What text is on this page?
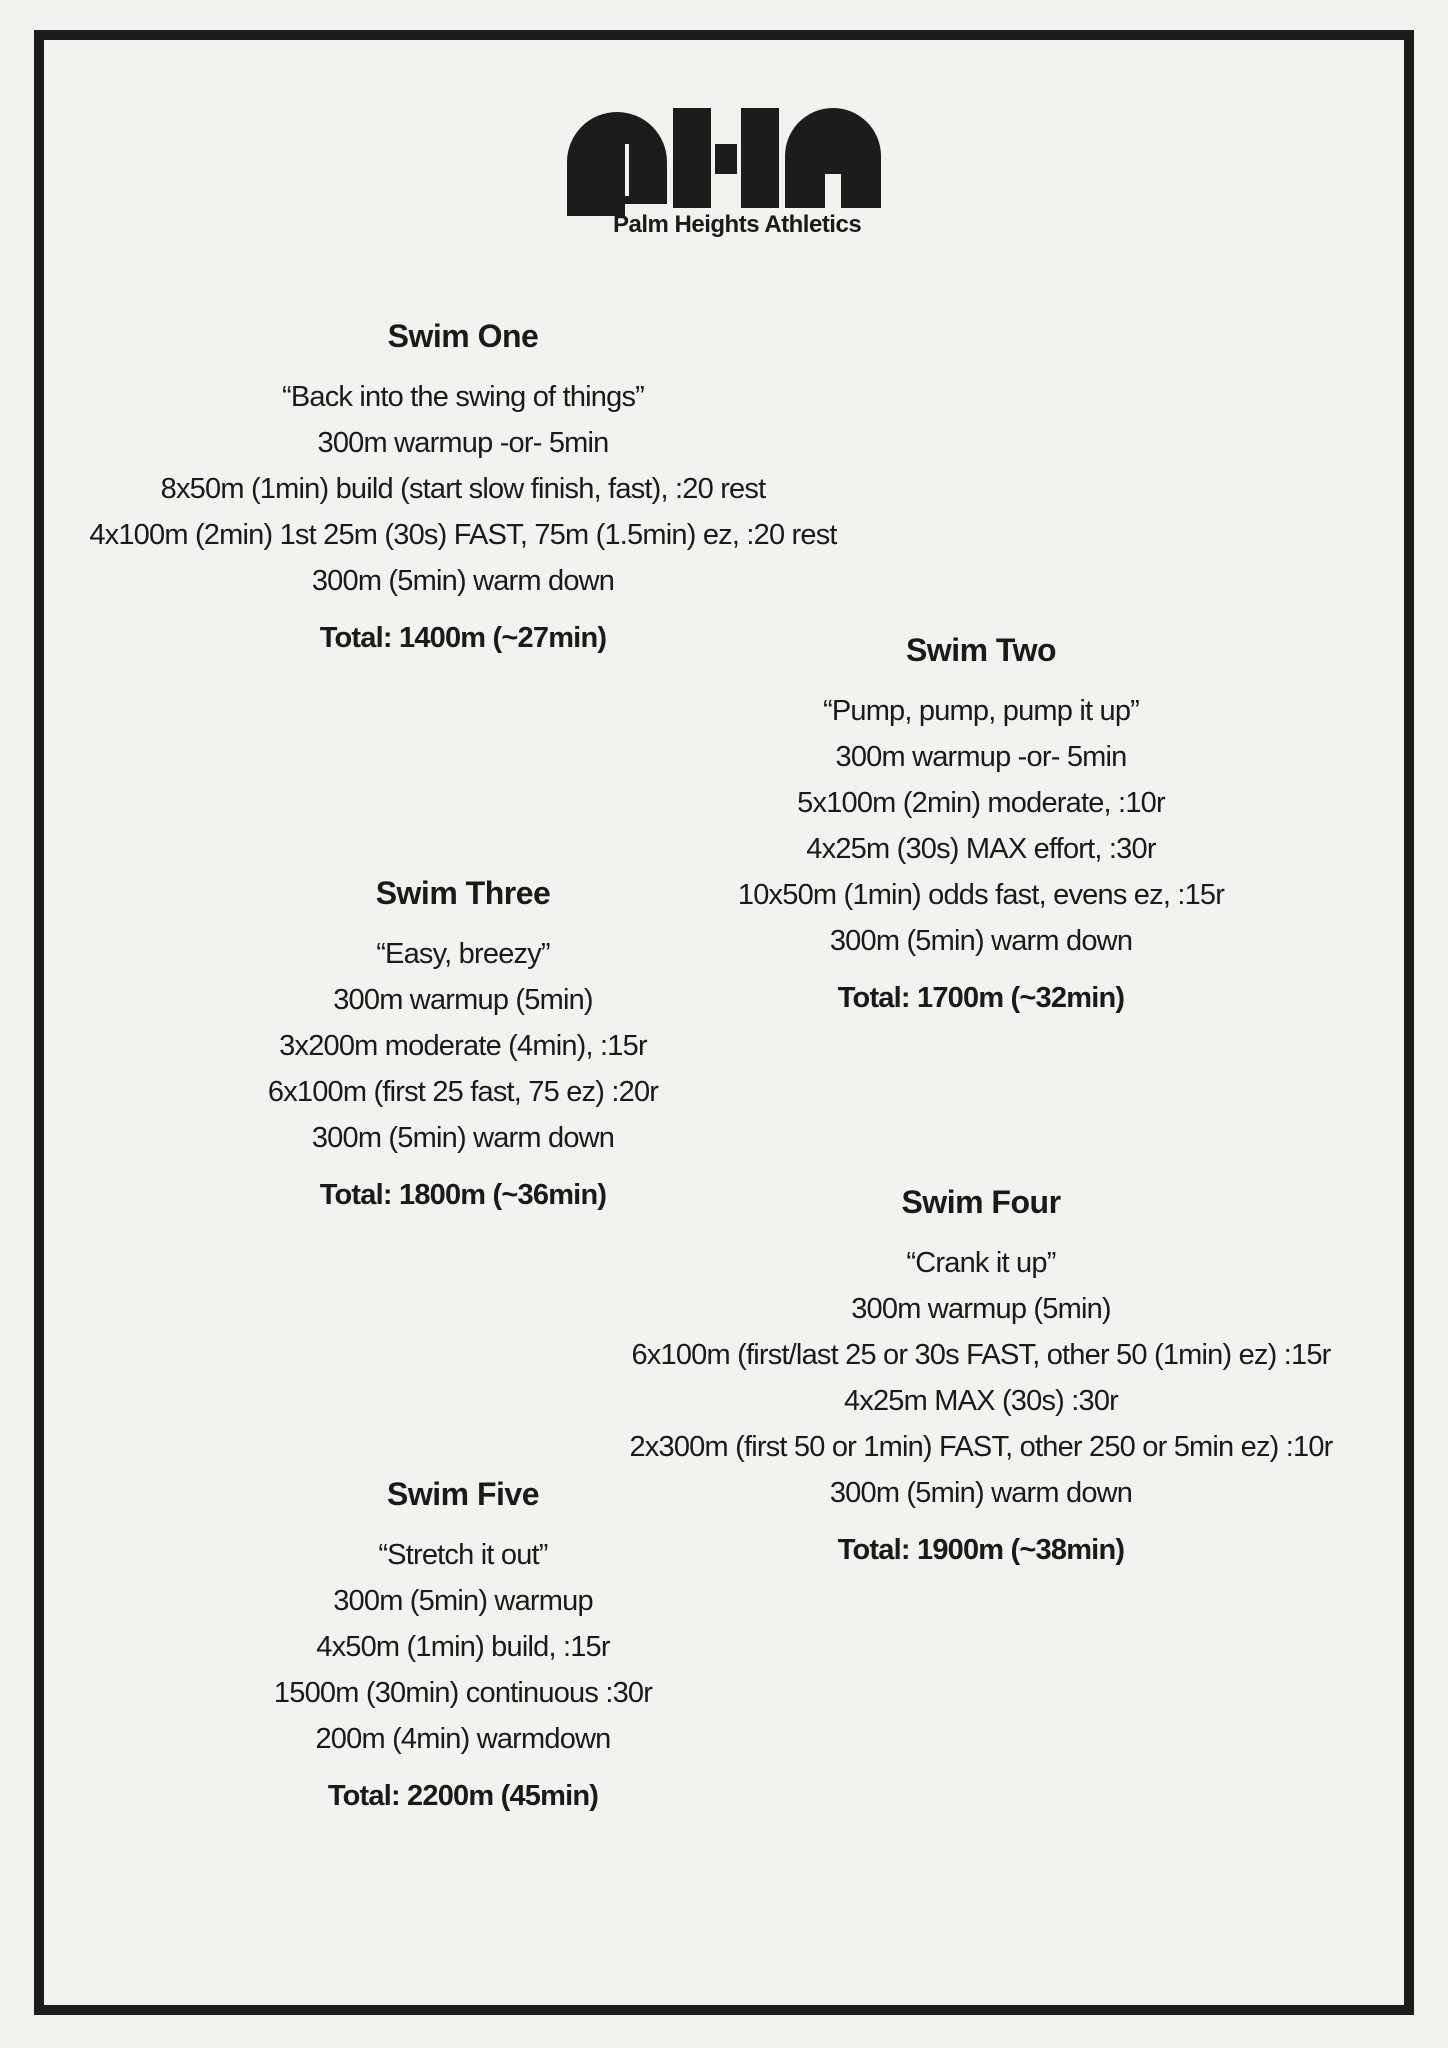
Palm Heights Athletics
Swim One
“Back into the swing of things”
300m warmup -or- 5min
8x50m (1min) build (start slow finish, fast), :20 rest
4x100m (2min) 1st 25m (30s) FAST, 75m (1.5min) ez, :20 rest
300m (5min) warm down
Total: 1400m (~27min)	Swim Two
“Pump, pump, pump it up”
300m warmup -or- 5min
5x100m (2min) moderate, :10r
4x25m (30s) MAX effort, :30r
10x50m (1min) odds fast, evens ez, :15r
300m (5min) warm down
Total: 1700m (~32min)
Swim Three
“Easy, breezy”
300m warmup (5min)
3x200m moderate (4min), :15r
6x100m (first 25 fast, 75 ez) :20r
300m (5min) warm down
Total: 1800m (~36min)	Swim Four
“Crank it up”
300m warmup (5min)
6x100m (first/last 25 or 30s FAST, other 50 (1min) ez) :15r
4x25m MAX (30s) :30r
2x300m (first 50 or 1min) FAST, other 250 or 5min ez) :10r
300m (5min) warm down
Total: 1900m (~38min)
Swim Five
“Stretch it out”
300m (5min) warmup
4x50m (1min) build, :15r
1500m (30min) continuous :30r
200m (4min) warmdown
Total: 2200m (45min)
